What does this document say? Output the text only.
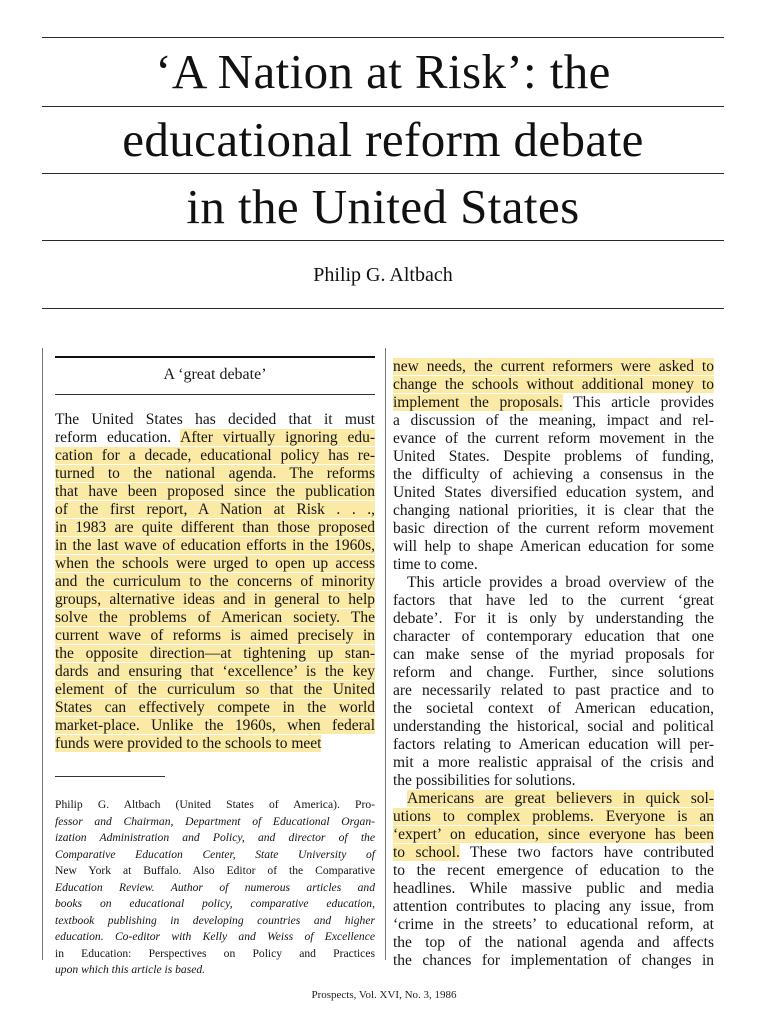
‘A Nation at Risk’: the
educational reform debate
in the United States
Philip G. Altbach
A ‘great debate’
The United States has decided that it must
reform education. After virtually ignoring edu-
cation for a decade, educational policy has re-
turned to the national agenda. The reforms
that have been proposed since the publication
of the first report, A Nation at Risk . . .,
in 1983 are quite different than those proposed
in the last wave of education efforts in the 1960s,
when the schools were urged to open up access
and the curriculum to the concerns of minority
groups, alternative ideas and in general to help
solve the problems of American society. The
current wave of reforms is aimed precisely in
the opposite direction—at tightening up stan-
dards and ensuring that ‘excellence’ is the key
element of the curriculum so that the United
States can effectively compete in the world
market-place. Unlike the 1960s, when federal
funds were provided to the schools to meet
Philip G. Altbach (United States of America). Pro-
fessor and Chairman, Department of Educational Organ-
ization Administration and Policy, and director of the
Comparative Education Center, State University of
New York at Buffalo. Also Editor of the Comparative
Education Review. Author of numerous articles and
books on educational policy, comparative education,
textbook publishing in developing countries and higher
education. Co-editor with Kelly and Weiss of Excellence
in Education: Perspectives on Policy and Practices
upon which this article is based.
new needs, the current reformers were asked to
change the schools without additional money to
implement the proposals. This article provides
a discussion of the meaning, impact and rel-
evance of the current reform movement in the
United States. Despite problems of funding,
the difficulty of achieving a consensus in the
United States diversified education system, and
changing national priorities, it is clear that the
basic direction of the current reform movement
will help to shape American education for some
time to come.
This article provides a broad overview of the
factors that have led to the current ‘great
debate’. For it is only by understanding the
character of contemporary education that one
can make sense of the myriad proposals for
reform and change. Further, since solutions
are necessarily related to past practice and to
the societal context of American education,
understanding the historical, social and political
factors relating to American education will per-
mit a more realistic appraisal of the crisis and
the possibilities for solutions.
Americans are great believers in quick sol-
utions to complex problems. Everyone is an
‘expert’ on education, since everyone has been
to school. These two factors have contributed
to the recent emergence of education to the
headlines. While massive public and media
attention contributes to placing any issue, from
‘crime in the streets’ to educational reform, at
the top of the national agenda and affects
the chances for implementation of changes in
Prospects, Vol. XVI, No. 3, 1986
